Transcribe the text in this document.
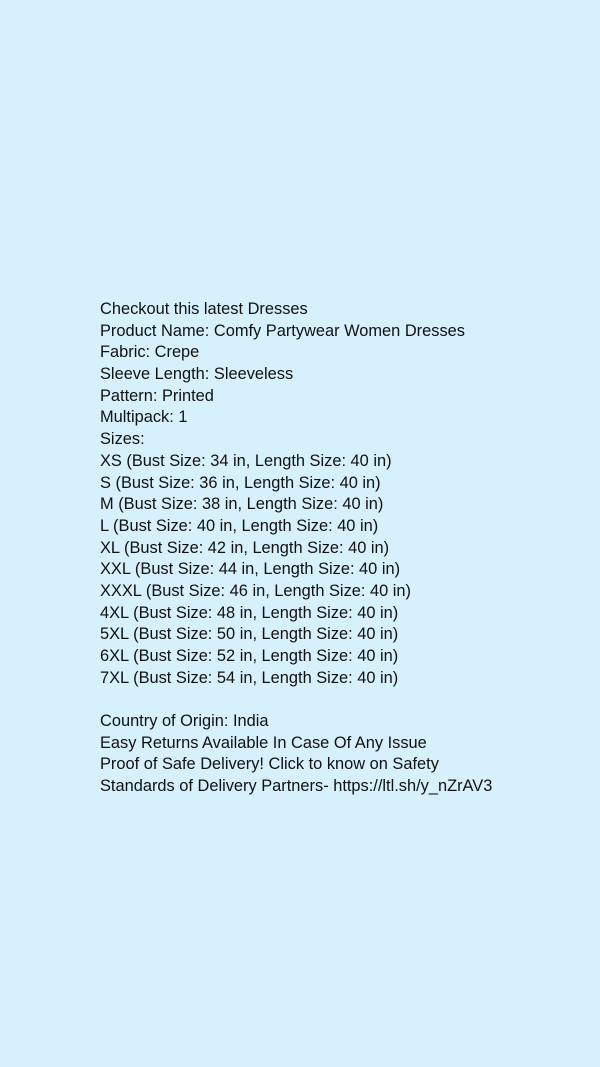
Checkout this latest Dresses
Product Name: Comfy Partywear Women Dresses
Fabric: Crepe
Sleeve Length: Sleeveless
Pattern: Printed
Multipack: 1
Sizes:
XS (Bust Size: 34 in, Length Size: 40 in)
S (Bust Size: 36 in, Length Size: 40 in)
M (Bust Size: 38 in, Length Size: 40 in)
L (Bust Size: 40 in, Length Size: 40 in)
XL (Bust Size: 42 in, Length Size: 40 in)
XXL (Bust Size: 44 in, Length Size: 40 in)
XXXL (Bust Size: 46 in, Length Size: 40 in)
4XL (Bust Size: 48 in, Length Size: 40 in)
5XL (Bust Size: 50 in, Length Size: 40 in)
6XL (Bust Size: 52 in, Length Size: 40 in)
7XL (Bust Size: 54 in, Length Size: 40 in)
Country of Origin: India
Easy Returns Available In Case Of Any Issue
Proof of Safe Delivery! Click to know on Safety
Standards of Delivery Partners- https://ltl.sh/y_nZrAV3
